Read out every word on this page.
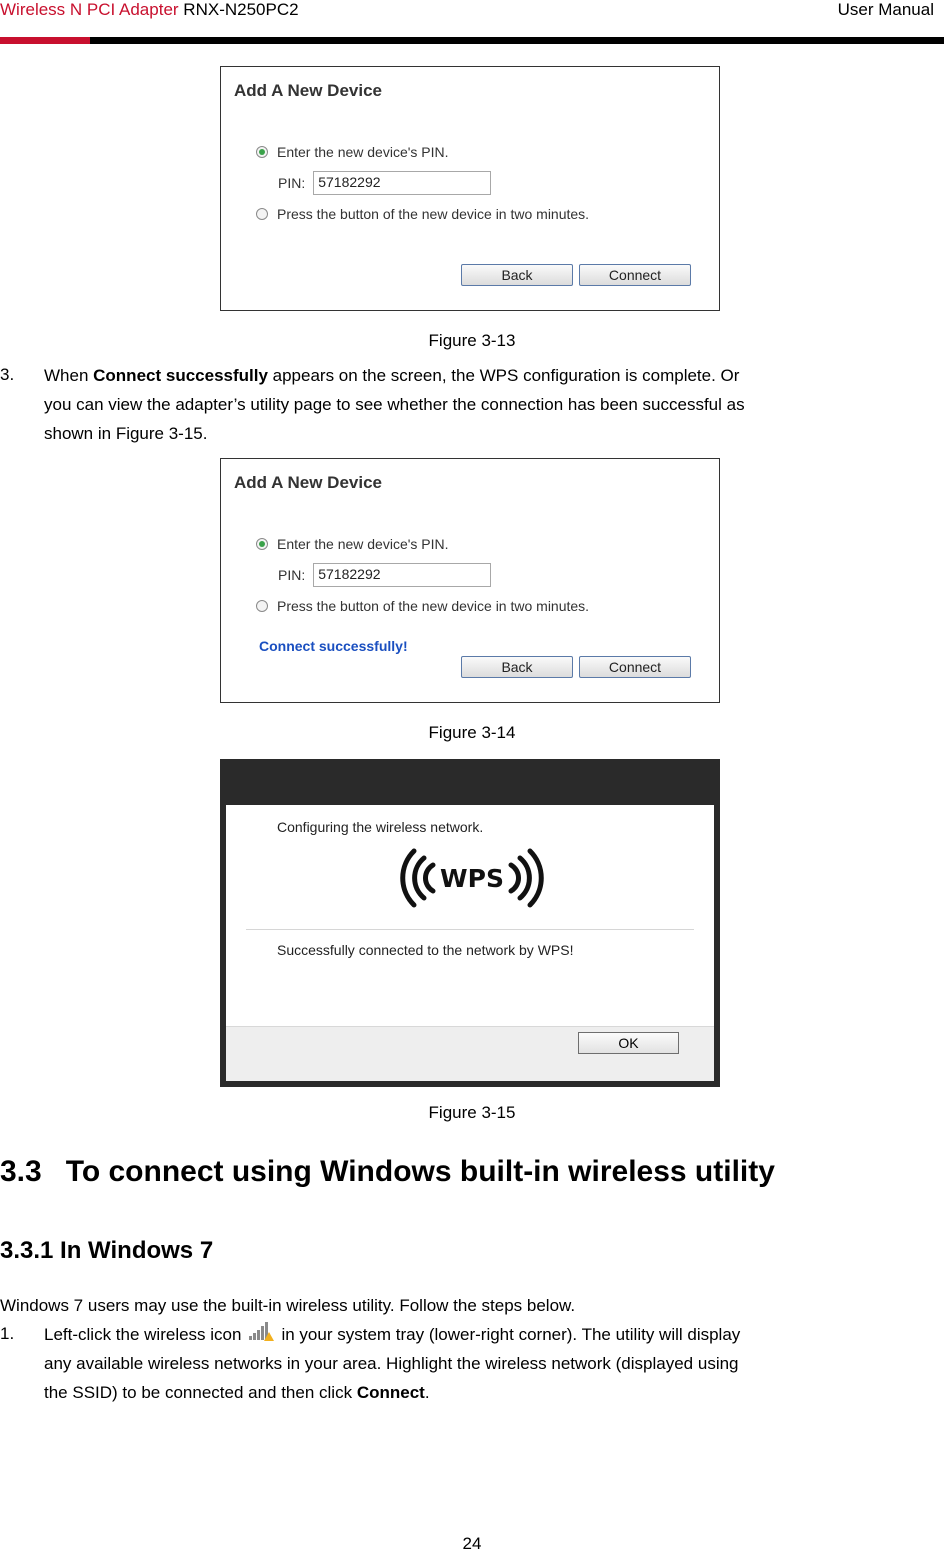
Wireless N PCI Adapter RNX-N250PC2	User Manual
Add A New Device
Enter the new device's PIN.
PIN: 57182292
Press the button of the new device in two minutes.
Back	Connect
Figure 3-13
3. When Connect successfully appears on the screen, the WPS configuration is complete. Or
you can view the adapter’s utility page to see whether the connection has been successful as
shown in Figure 3-15.
Add A New Device
Enter the new device's PIN.
PIN: 57182292
Press the button of the new device in two minutes.
Connect successfully!
Back	Connect
Figure 3-14
Configuring the wireless network.
WPS
Successfully connected to the network by WPS!
OK
Figure 3-15
3.3 To connect using Windows built-in wireless utility
3.3.1 In Windows 7
Windows 7 users may use the built-in wireless utility. Follow the steps below.
1. Left-click the wireless icon in your system tray (lower-right corner). The utility will display
any available wireless networks in your area. Highlight the wireless network (displayed using
the SSID) to be connected and then click Connect.
24
